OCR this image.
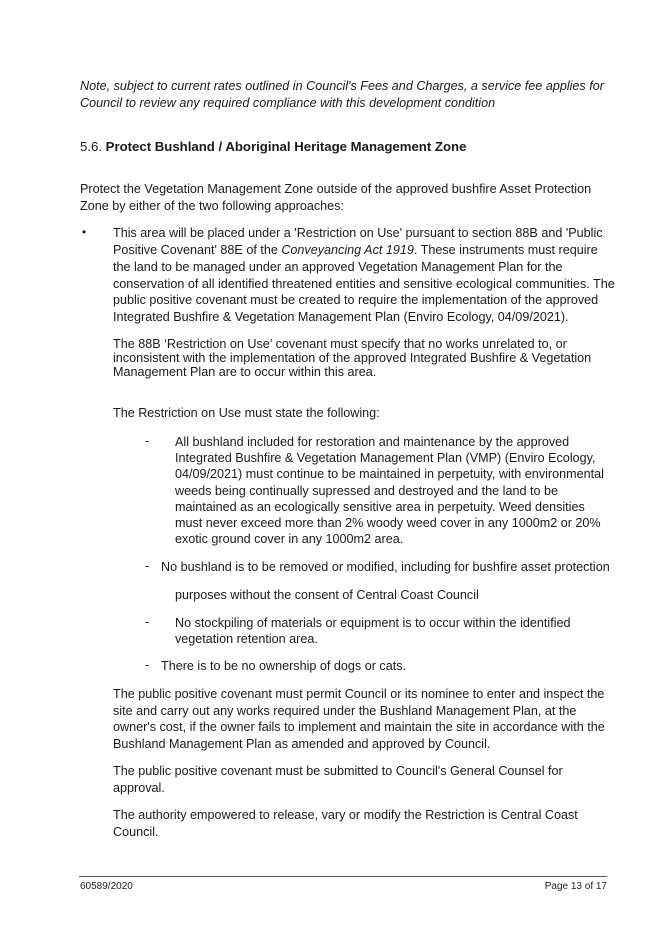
Note, subject to current rates outlined in Council's Fees and Charges, a service fee applies for

Council to review any required compliance with this development condition

5.6. Protect Bushland / Aboriginal Heritage Management Zone

Protect the Vegetation Management Zone outside of the approved bushfire Asset Protection

Zone by either of the two following approaches:

• This area will be placed under a 'Restriction on Use' pursuant to section 88B and 'Public

Positive Covenant' 88E of the Conveyancing Act 1919. These instruments must require

the land to be managed under an approved Vegetation Management Plan for the

conservation of all identified threatened entities and sensitive ecological communities. The

public positive covenant must be created to require the implementation of the approved

Integrated Bushfire & Vegetation Management Plan (Enviro Ecology, 04/09/2021).

The 88B ‘Restriction on Use’ covenant must specify that no works unrelated to, or

inconsistent with the implementation of the approved Integrated Bushfire & Vegetation

Management Plan are to occur within this area.

The Restriction on Use must state the following:

- All bushland included for restoration and maintenance by the approved

Integrated Bushfire & Vegetation Management Plan (VMP) (Enviro Ecology,

04/09/2021) must continue to be maintained in perpetuity, with environmental

weeds being continually supressed and destroyed and the land to be

maintained as an ecologically sensitive area in perpetuity. Weed densities

must never exceed more than 2% woody weed cover in any 1000m2 or 20%

exotic ground cover in any 1000m2 area.

- No bushland is to be removed or modified, including for bushfire asset protection

purposes without the consent of Central Coast Council

- No stockpiling of materials or equipment is to occur within the identified

vegetation retention area.

- There is to be no ownership of dogs or cats.

The public positive covenant must permit Council or its nominee to enter and inspect the

site and carry out any works required under the Bushland Management Plan, at the

owner's cost, if the owner fails to implement and maintain the site in accordance with the

Bushland Management Plan as amended and approved by Council.

The public positive covenant must be submitted to Council's General Counsel for

approval.

The authority empowered to release, vary or modify the Restriction is Central Coast

Council.

60589/2020	Page 13 of 17
